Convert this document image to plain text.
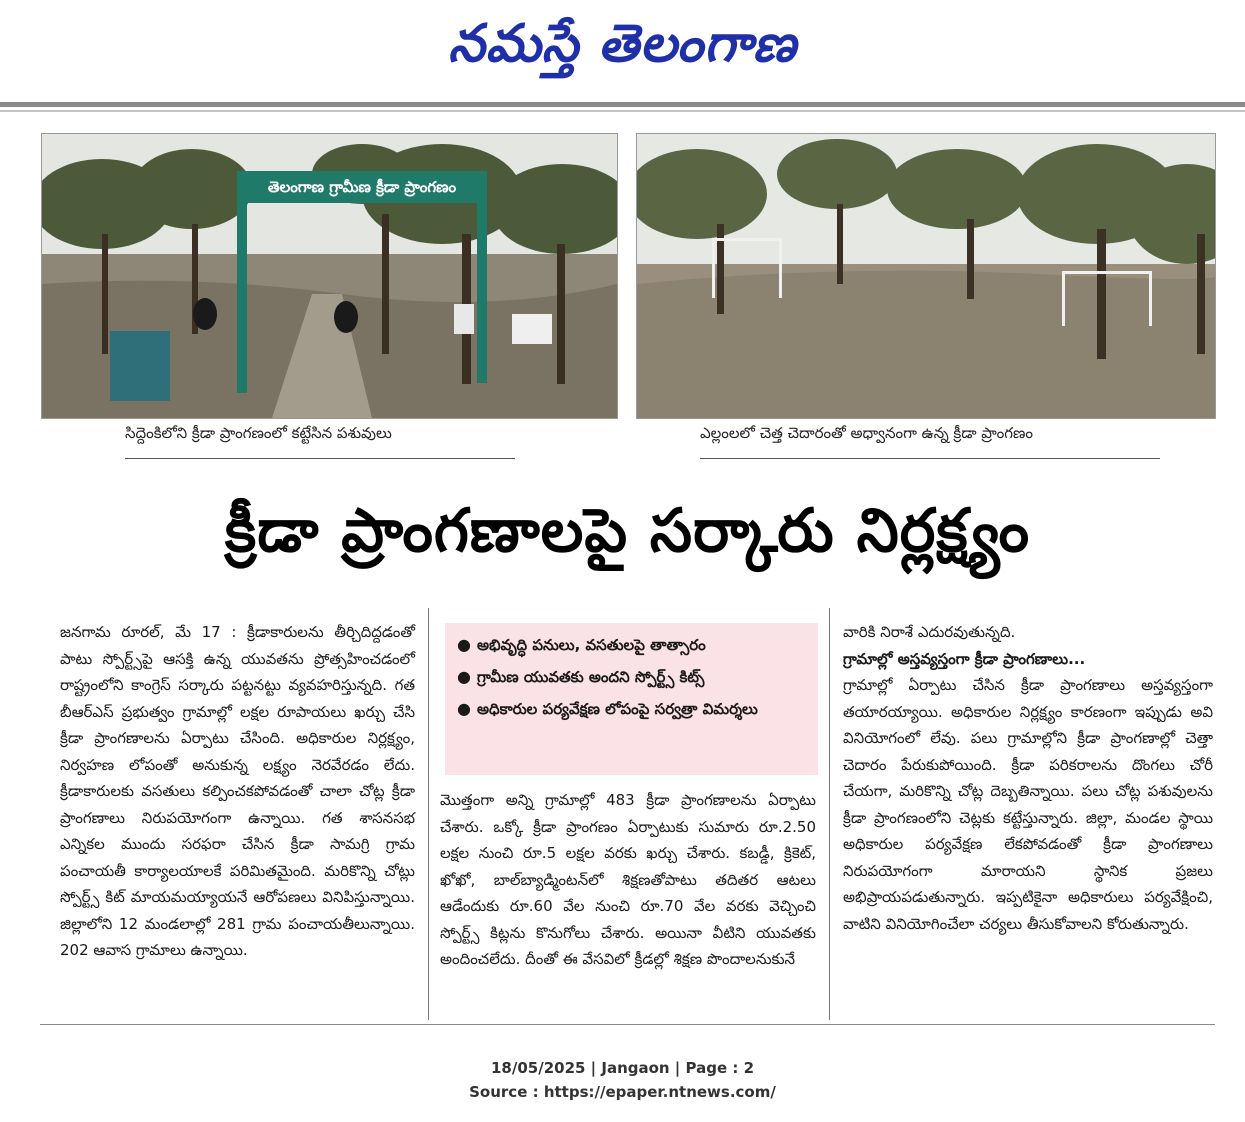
నమస్తే తెలంగాణ
తెలంగాణ గ్రామీణ క్రీడా ప్రాంగణం
సిద్దెంకిలోని క్రీడా ప్రాంగణంలో కట్టేసిన పశువులు	ఎల్లంలలో చెత్త చెదారంతో అధ్వానంగా ఉన్న క్రీడా ప్రాంగణం
క్రీడా ప్రాంగణాలపై సర్కారు నిర్లక్ష్యం

జనగామ రూరల్, మే 17 : క్రీడాకారులను తీర్చిదిద్దడంతో పాటు స్పోర్ట్స్‌పై ఆసక్తి ఉన్న యువతను ప్రోత్సహించడంలో రాష్ట్రంలోని కాంగ్రెస్ సర్కారు పట్టనట్టు వ్యవహరిస్తున్నది. గత బీఆర్‌ఎస్ ప్రభుత్వం గ్రామాల్లో లక్షల రూపాయలు ఖర్చు చేసి క్రీడా ప్రాంగణాలను ఏర్పాటు చేసింది. అధికారుల నిర్లక్ష్యం, నిర్వహణ లోపంతో అనుకున్న లక్ష్యం నెరవేరడం లేదు. క్రీడాకారులకు వసతులు కల్పించకపోవడంతో చాలా చోట్ల క్రీడా ప్రాంగణాలు నిరుపయోగంగా ఉన్నాయి. గత శాసనసభ ఎన్నికల ముందు సరఫరా చేసిన క్రీడా సామగ్రి గ్రామ పంచాయతీ కార్యాలయాలకే పరిమితమైంది. మరికొన్ని చోట్లు స్పోర్ట్స్ కిట్ మాయమయ్యాయనే ఆరోపణలు వినిపిస్తున్నాయి. జిల్లాలోని 12 మండలాల్లో 281 గ్రామ పంచాయతీలున్నాయి. 202 ఆవాస గ్రామాలు ఉన్నాయి.

● అభివృద్ధి పనులు, వసతులపై తాత్సారం
● గ్రామీణ యువతకు అందని స్పోర్ట్స్ కిట్స్
● అధికారుల పర్యవేక్షణ లోపంపై సర్వత్రా విమర్శలు

మొత్తంగా అన్ని గ్రామాల్లో 483 క్రీడా ప్రాంగణాలను ఏర్పాటు చేశారు. ఒక్కో క్రీడా ప్రాంగణం ఏర్పాటుకు సుమారు రూ.2.50 లక్షల నుంచి రూ.5 లక్షల వరకు ఖర్చు చేశారు. కబడ్డీ, క్రికెట్, ఖోఖో, బాల్‌బ్యాడ్మింటన్‌లో శిక్షణతోపాటు తదితర ఆటలు ఆడేందుకు రూ.60 వేల నుంచి రూ.70 వేల వరకు వెచ్చించి స్పోర్ట్స్ కిట్లను కొనుగోలు చేశారు. అయినా వీటిని యువతకు అందించలేదు. దీంతో ఈ వేసవిలో క్రీడల్లో శిక్షణ పొందాలనుకునే

వారికి నిరాశే ఎదురవుతున్నది.

గ్రామాల్లో అస్తవ్యస్తంగా క్రీడా ప్రాంగణాలు...

గ్రామాల్లో ఏర్పాటు చేసిన క్రీడా ప్రాంగణాలు అస్తవ్యస్తంగా తయారయ్యాయి. అధికారుల నిర్లక్ష్యం కారణంగా ఇప్పుడు అవి వినియోగంలో లేవు. పలు గ్రామాల్లోని క్రీడా ప్రాంగణాల్లో చెత్తా చెదారం పేరుకుపోయింది. క్రీడా పరికరాలను దొంగలు చోరీ చేయగా, మరికొన్ని చోట్ల దెబ్బతిన్నాయి. పలు చోట్ల పశువులను క్రీడా ప్రాంగణంలోని చెట్లకు కట్టేస్తున్నారు. జిల్లా, మండల స్థాయి అధికారుల పర్యవేక్షణ లేకపోవడంతో క్రీడా ప్రాంగణాలు నిరుపయోగంగా మారాయని స్థానిక ప్రజలు అభిప్రాయపడుతున్నారు. ఇప్పటికైనా అధికారులు పర్యవేక్షించి, వాటిని వినియోగించేలా చర్యలు తీసుకోవాలని కోరుతున్నారు.

18/05/2025 | Jangaon | Page : 2
Source : https://epaper.ntnews.com/
